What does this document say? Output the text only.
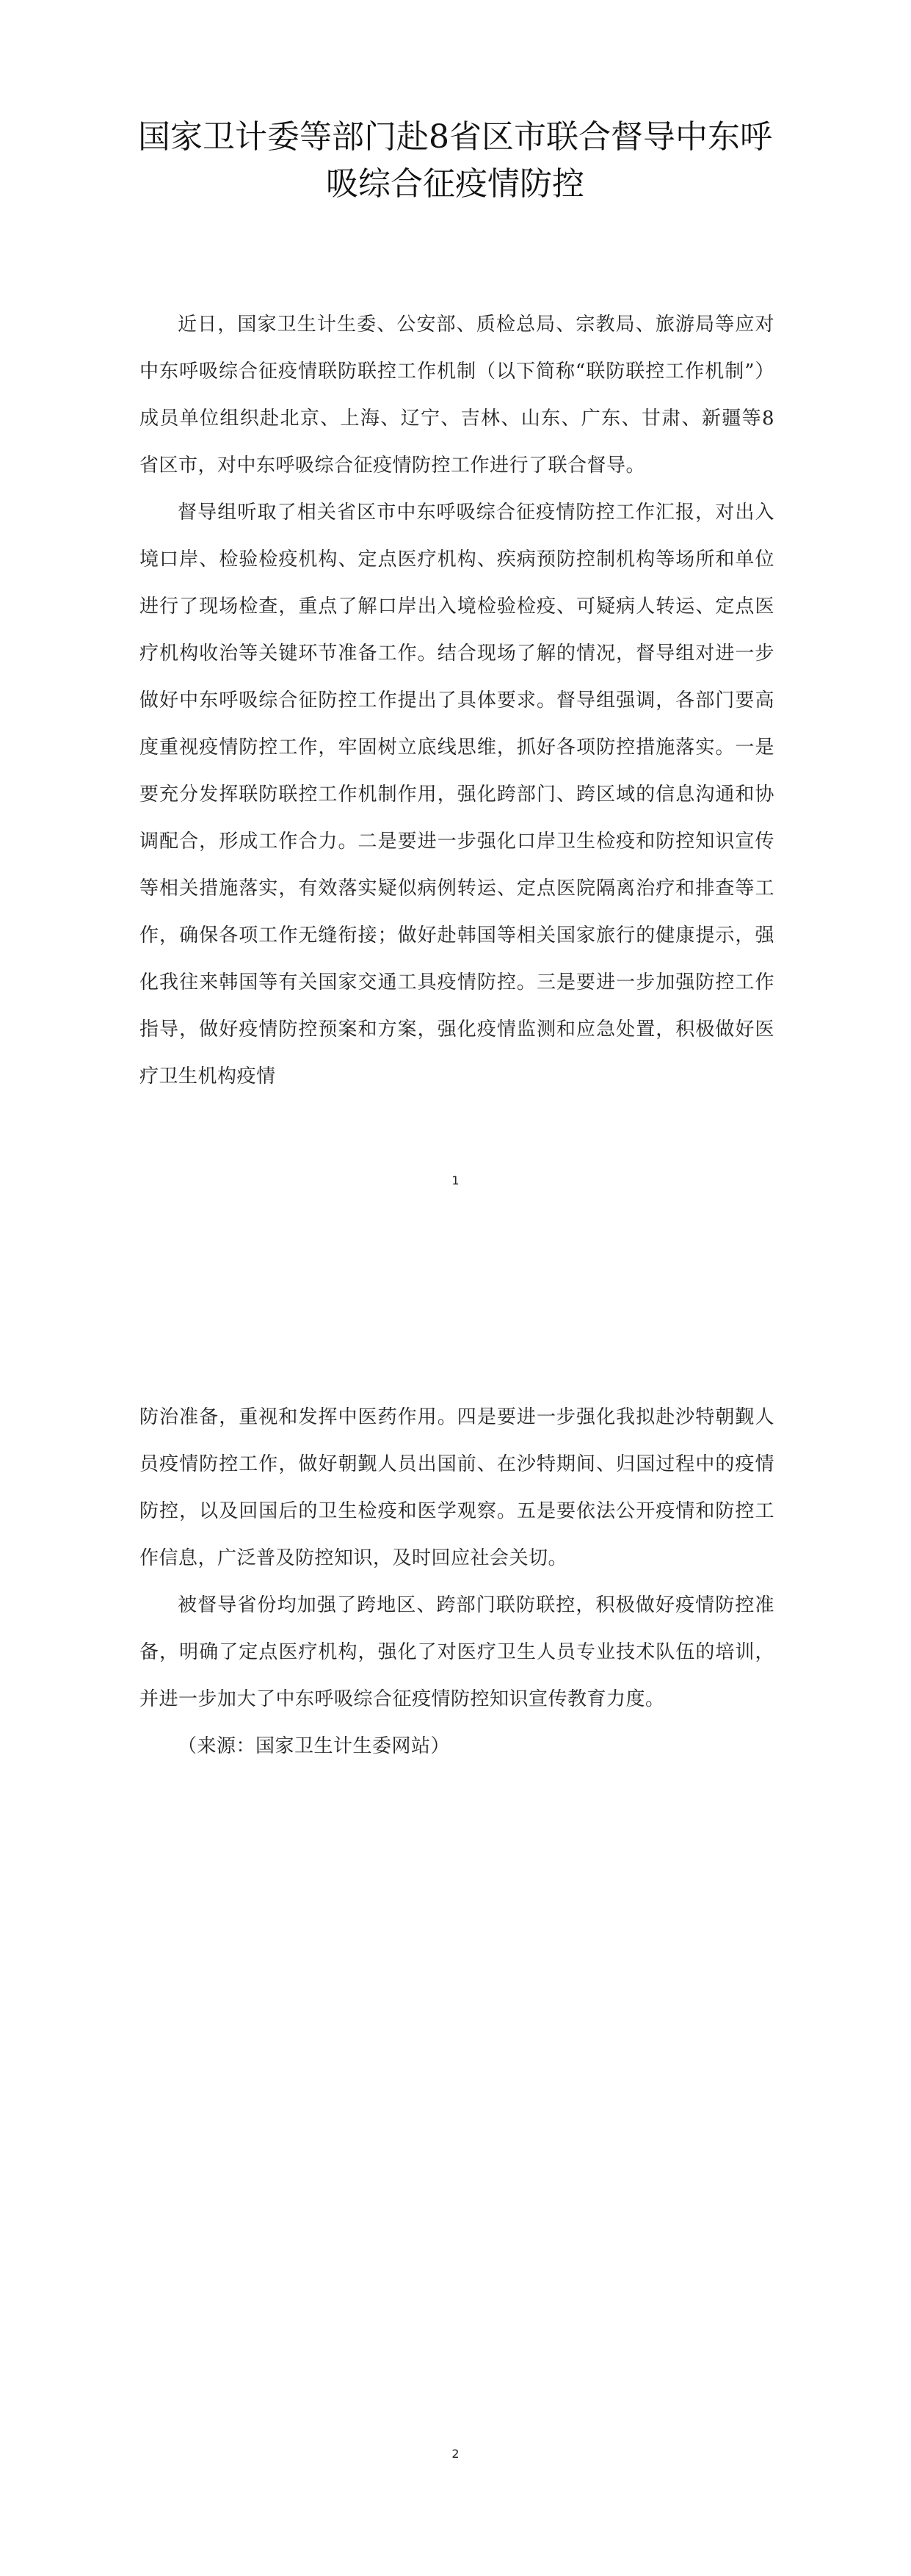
国家卫计委等部门赴8省区市联合督导中东呼吸综合征疫情防控

近日，国家卫生计生委、公安部、质检总局、宗教局、旅游局等应对中东呼吸综合征疫情联防联控工作机制（以下简称“联防联控工作机制”）成员单位组织赴北京、上海、辽宁、吉林、山东、广东、甘肃、新疆等8省区市，对中东呼吸综合征疫情防控工作进行了联合督导。

督导组听取了相关省区市中东呼吸综合征疫情防控工作汇报，对出入境口岸、检验检疫机构、定点医疗机构、疾病预防控制机构等场所和单位进行了现场检查，重点了解口岸出入境检验检疫、可疑病人转运、定点医疗机构收治等关键环节准备工作。结合现场了解的情况，督导组对进一步做好中东呼吸综合征防控工作提出了具体要求。督导组强调，各部门要高度重视疫情防控工作，牢固树立底线思维，抓好各项防控措施落实。一是要充分发挥联防联控工作机制作用，强化跨部门、跨区域的信息沟通和协调配合，形成工作合力。二是要进一步强化口岸卫生检疫和防控知识宣传等相关措施落实，有效落实疑似病例转运、定点医院隔离治疗和排查等工作，确保各项工作无缝衔接；做好赴韩国等相关国家旅行的健康提示，强化我往来韩国等有关国家交通工具疫情防控。三是要进一步加强防控工作指导，做好疫情防控预案和方案，强化疫情监测和应急处置，积极做好医疗卫生机构疫情

1

防治准备，重视和发挥中医药作用。四是要进一步强化我拟赴沙特朝觐人员疫情防控工作，做好朝觐人员出国前、在沙特期间、归国过程中的疫情防控，以及回国后的卫生检疫和医学观察。五是要依法公开疫情和防控工作信息，广泛普及防控知识，及时回应社会关切。

被督导省份均加强了跨地区、跨部门联防联控，积极做好疫情防控准备，明确了定点医疗机构，强化了对医疗卫生人员专业技术队伍的培训，并进一步加大了中东呼吸综合征疫情防控知识宣传教育力度。

（来源：国家卫生计生委网站）

2
